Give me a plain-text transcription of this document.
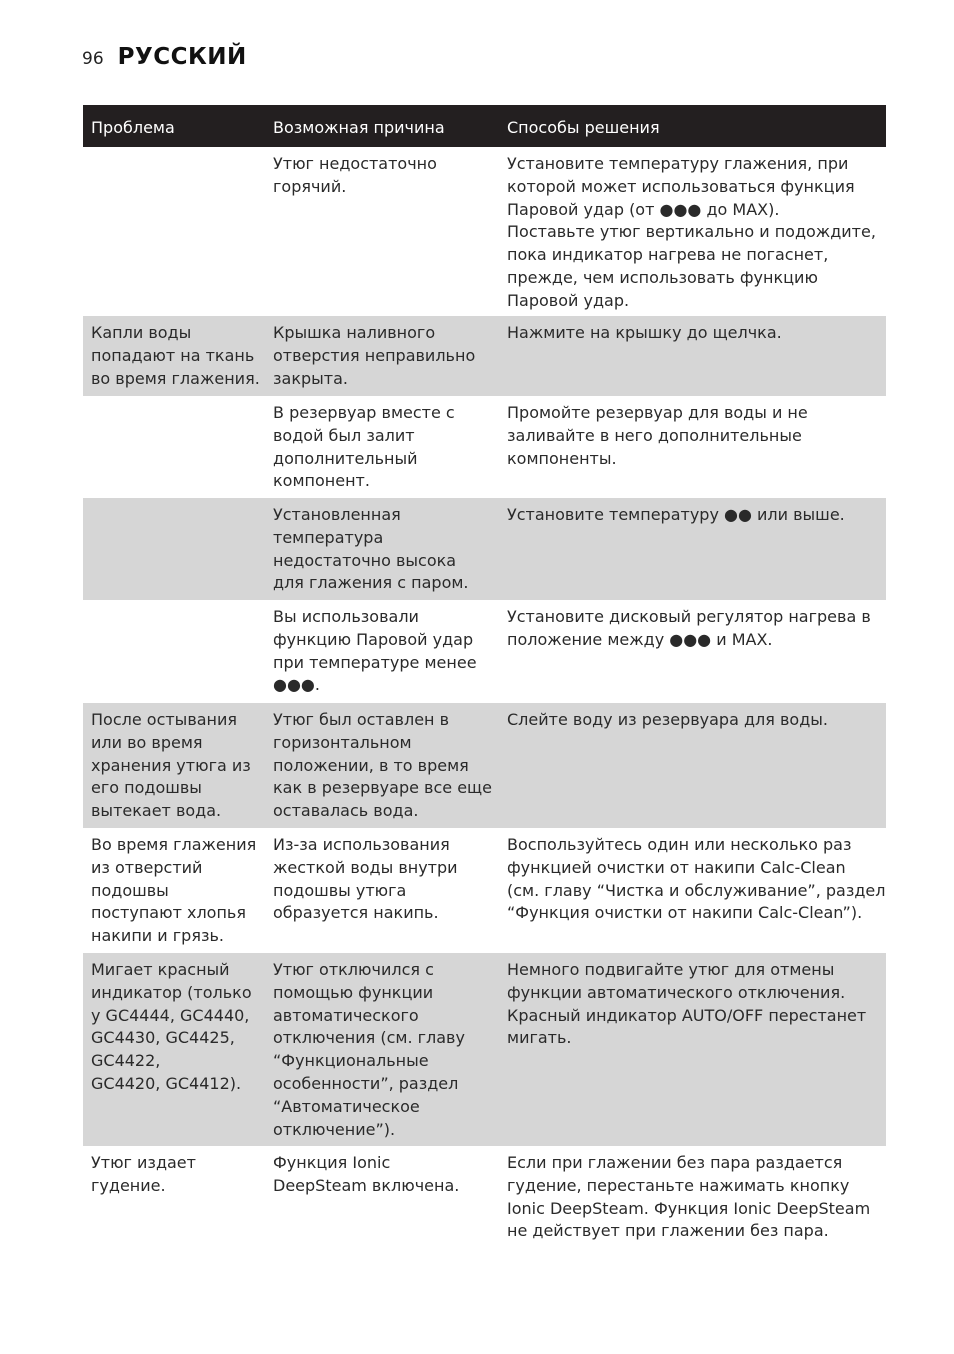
96 РУССКИЙ
Проблема	Возможная причина	Способы решения
Утюг недостаточно
горячий.
Установите температуру глажения, при
которой может использоваться функция
Паровой удар (от ●●● до MAX).
Поставьте утюг вертикально и подождите,
пока индикатор нагрева не погаснет,
прежде, чем использовать функцию
Паровой удар.
Капли воды
попадают на ткань
во время глажения.
Крышка наливного
отверстия неправильно
закрыта.
Нажмите на крышку до щелчка.
В резервуар вместе с
водой был залит
дополнительный
компонент.
Промойте резервуар для воды и не
заливайте в него дополнительные
компоненты.
Установленная
температура
недостаточно высока
для глажения с паром.
Установите температуру ●● или выше.
Вы использовали
функцию Паровой удар
при температуре менее
●●●.
Установите дисковый регулятор нагрева в
положение между ●●● и MAX.
После остывания
или во время
хранения утюга из
его подошвы
вытекает вода.
Утюг был оставлен в
горизонтальном
положении, в то время
как в резервуаре все еще
оставалась вода.
Слейте воду из резервуара для воды.
Во время глажения
из отверстий
подошвы
поступают хлопья
накипи и грязь.
Из-за использования
жесткой воды внутри
подошвы утюга
образуется накипь.
Воспользуйтесь один или несколько раз
функцией очистки от накипи Calc-Clean
(см. главу “Чистка и обслуживание”, раздел
“Функция очистки от накипи Calc-Clean”).
Мигает красный
индикатор (только
у GC4444, GC4440,
GC4430, GC4425,
GC4422,
GC4420, GC4412).
Утюг отключился с
помощью функции
автоматического
отключения (см. главу
“Функциональные
особенности”, раздел
“Автоматическое
отключение”).
Немного подвигайте утюг для отмены
функции автоматического отключения.
Красный индикатор AUTO/OFF перестанет
мигать.
Утюг издает
гудение.
Функция Ionic
DeepSteam включена.
Если при глажении без пара раздается
гудение, перестаньте нажимать кнопку
Ionic DeepSteam. Функция Ionic DeepSteam
не действует при глажении без пара.
